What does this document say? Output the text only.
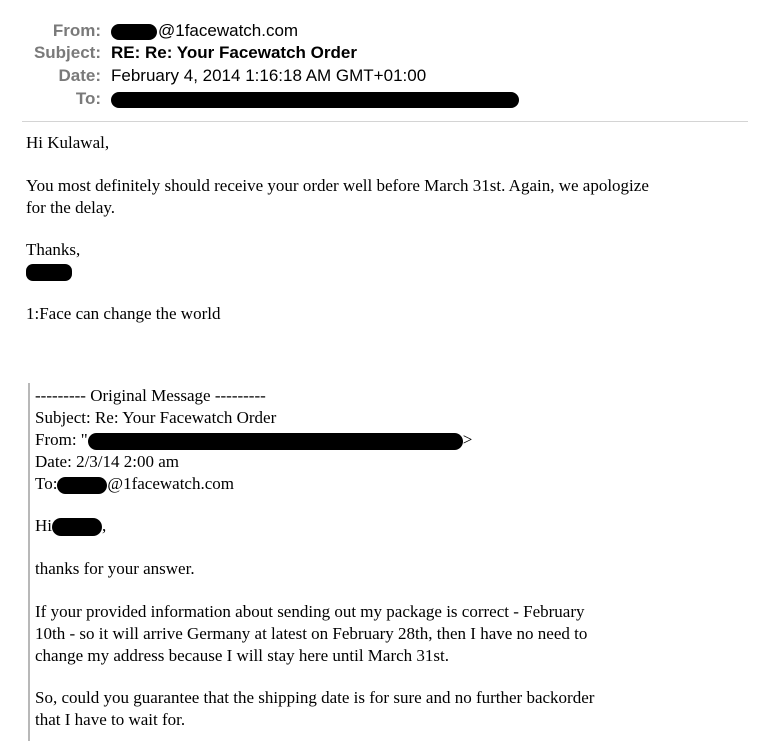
From:	@1facewatch.com
Subject: RE: Re: Your Facewatch Order
Date: February 4, 2014 1:16:18 AM GMT+01:00
To:
Hi Kulawal,
You most definitely should receive your order well before March 31st. Again, we apologize
for the delay.
Thanks,
1:Face can change the world
--------- Original Message ---------
Subject: Re: Your Facewatch Order
From: "	>
Date: 2/3/14 2:00 am
To:	@1facewatch.com
Hi	,
thanks for your answer.
If your provided information about sending out my package is correct - February
10th - so it will arrive Germany at latest on February 28th, then I have no need to
change my address because I will stay here until March 31st.
So, could you guarantee that the shipping date is for sure and no further backorder
that I have to wait for.
